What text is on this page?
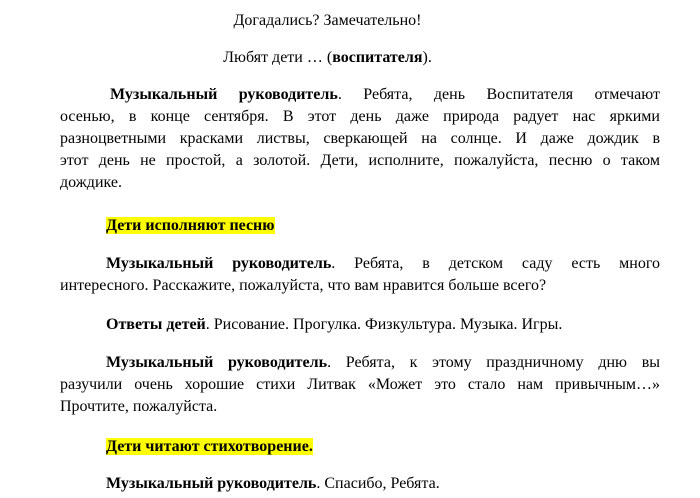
Догадались? Замечательно!
Любят дети … (воспитателя).
Музыкальный руководитель. Ребята, день Воспитателя отмечают
осенью, в конце сентября. В этот день даже природа радует нас яркими
разноцветными красками листвы, сверкающей на солнце. И даже дождик в
этот день не простой, а золотой. Дети, исполните, пожалуйста, песню о таком
дождике.
Дети исполняют песню
Музыкальный руководитель. Ребята, в детском саду есть много
интересного. Расскажите, пожалуйста, что вам нравится больше всего?
Ответы детей. Рисование. Прогулка. Физкультура. Музыка. Игры.
Музыкальный руководитель. Ребята, к этому праздничному дню вы
разучили очень хорошие стихи Литвак «Может это стало нам привычным…»
Прочтите, пожалуйста.
Дети читают стихотворение.
Музыкальный руководитель. Спасибо, Ребята.
